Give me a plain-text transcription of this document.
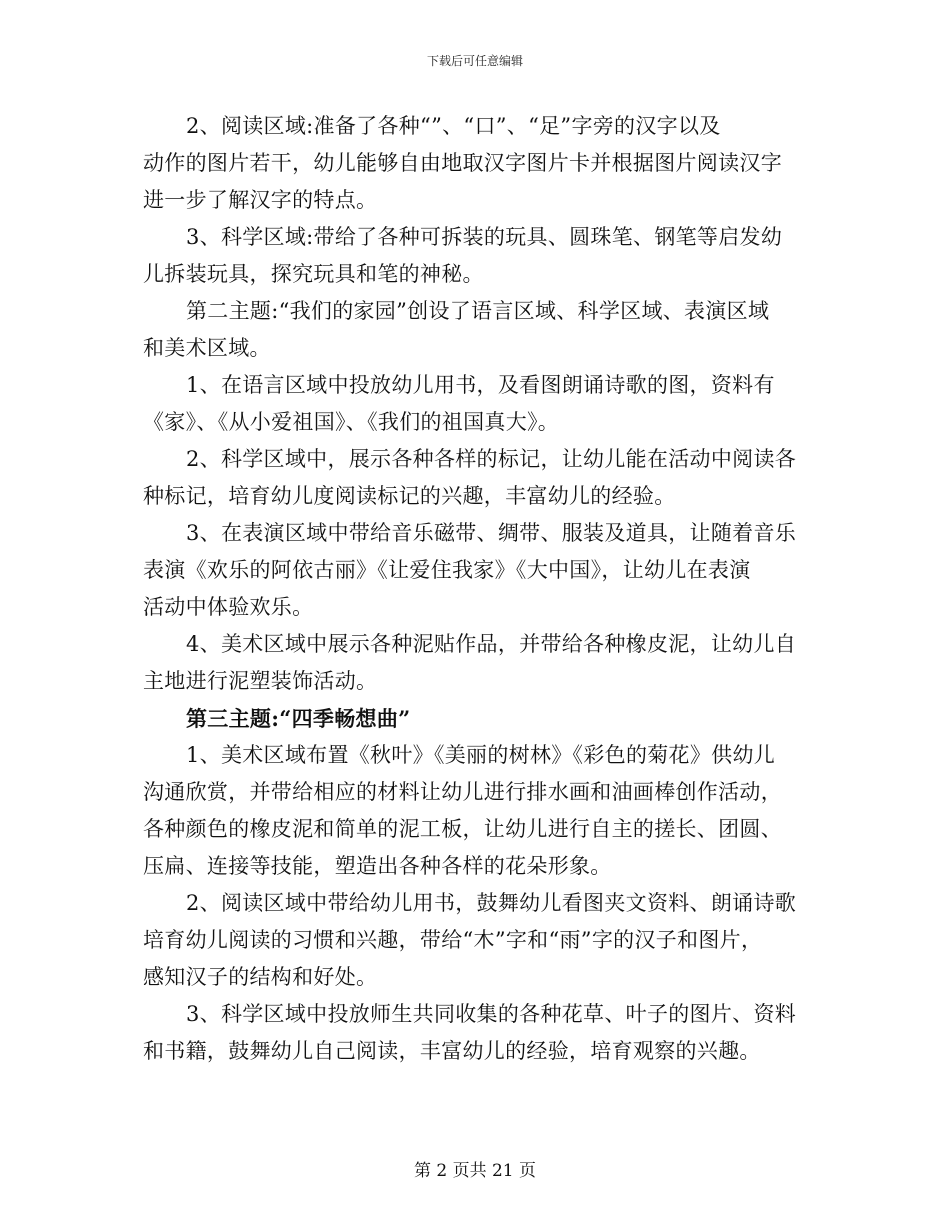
下载后可任意编辑
2、阅读区域:准备了各种“”、“口”、“足”字旁的汉字以及
动作的图片若干，幼儿能够自由地取汉字图片卡并根据图片阅读汉字
进一步了解汉字的特点。
3、科学区域:带给了各种可拆装的玩具、圆珠笔、钢笔等启发幼
儿拆装玩具，探究玩具和笔的神秘。
第二主题:“我们的家园”创设了语言区域、科学区域、表演区域
和美术区域。
1、在语言区域中投放幼儿用书，及看图朗诵诗歌的图，资料有
《家》、《从小爱祖国》、《我们的祖国真大》。
2、科学区域中，展示各种各样的标记，让幼儿能在活动中阅读各
种标记，培育幼儿度阅读标记的兴趣，丰富幼儿的经验。
3、在表演区域中带给音乐磁带、绸带、服装及道具，让随着音乐
表演《欢乐的阿依古丽》《让爱住我家》《大中国》，让幼儿在表演
活动中体验欢乐。
4、美术区域中展示各种泥贴作品，并带给各种橡皮泥，让幼儿自
主地进行泥塑装饰活动。
第三主题:“四季畅想曲”
1、美术区域布置《秋叶》《美丽的树林》《彩色的菊花》供幼儿
沟通欣赏，并带给相应的材料让幼儿进行排水画和油画棒创作活动，
各种颜色的橡皮泥和简单的泥工板，让幼儿进行自主的搓长、团圆、
压扁、连接等技能，塑造出各种各样的花朵形象。
2、阅读区域中带给幼儿用书，鼓舞幼儿看图夹文资料、朗诵诗歌
培育幼儿阅读的习惯和兴趣，带给“木”字和“雨”字的汉子和图片，
感知汉子的结构和好处。
3、科学区域中投放师生共同收集的各种花草、叶子的图片、资料
和书籍，鼓舞幼儿自己阅读，丰富幼儿的经验，培育观察的兴趣。
第 2 页共 21 页
